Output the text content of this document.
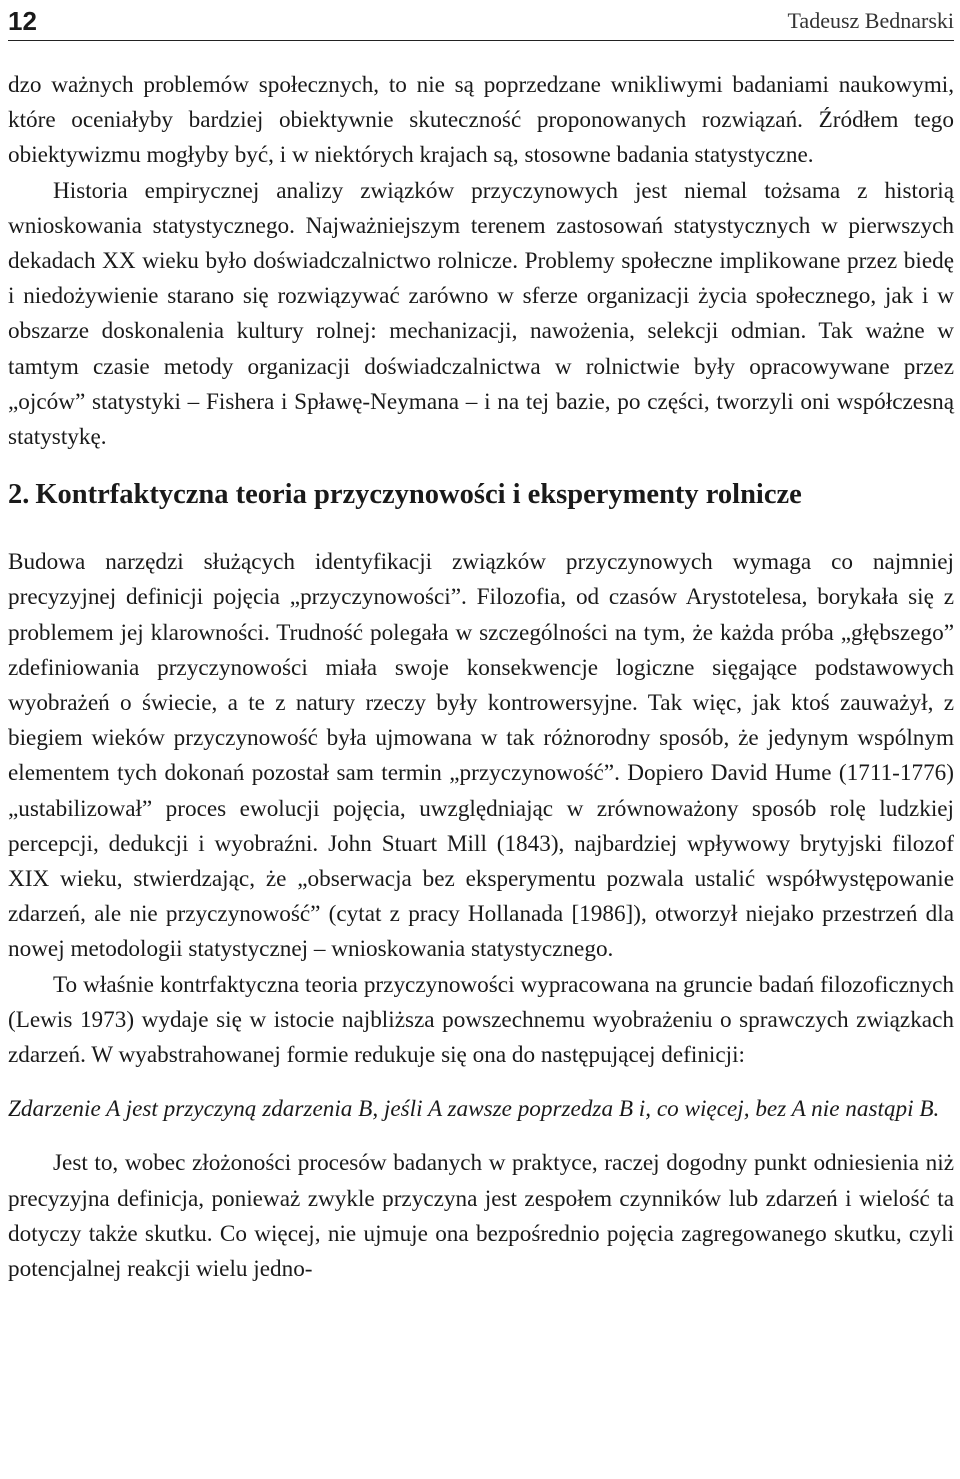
12	Tadeusz Bednarski

dzo ważnych problemów społecznych, to nie są poprzedzane wnikliwymi badaniami naukowymi, które oceniałyby bardziej obiektywnie skuteczność proponowanych rozwiązań. Źródłem tego obiektywizmu mogłyby być, i w niektórych krajach są, stosowne badania statystyczne.

Historia empirycznej analizy związków przyczynowych jest niemal tożsama z historią wnioskowania statystycznego. Najważniejszym terenem zastosowań statystycznych w pierwszych dekadach XX wieku było doświadczalnictwo rolnicze. Problemy społeczne implikowane przez biedę i niedożywienie starano się rozwiązywać zarówno w sferze organizacji życia społecznego, jak i w obszarze doskonalenia kultury rolnej: mechanizacji, nawożenia, selekcji odmian. Tak ważne w tamtym czasie metody organizacji doświadczalnictwa w rolnictwie były opracowywane przez „ojców” statystyki – Fishera i Spławę-Neymana – i na tej bazie, po części, tworzyli oni współczesną statystykę.

2. Kontrfaktyczna teoria przyczynowości i eksperymenty rolnicze

Budowa narzędzi służących identyfikacji związków przyczynowych wymaga co najmniej precyzyjnej definicji pojęcia „przyczynowości”. Filozofia, od czasów Arystotelesa, borykała się z problemem jej klarowności. Trudność polegała w szczególności na tym, że każda próba „głębszego” zdefiniowania przyczynowości miała swoje konsekwencje logiczne sięgające podstawowych wyobrażeń o świecie, a te z natury rzeczy były kontrowersyjne. Tak więc, jak ktoś zauważył, z biegiem wieków przyczynowość była ujmowana w tak różnorodny sposób, że jedynym wspólnym elementem tych dokonań pozostał sam termin „przyczynowość”. Dopiero David Hume (1711-1776) „ustabilizował” proces ewolucji pojęcia, uwzględniając w zrównoważony sposób rolę ludzkiej percepcji, dedukcji i wyobraźni. John Stuart Mill (1843), najbardziej wpływowy brytyjski filozof XIX wieku, stwierdzając, że „obserwacja bez eksperymentu pozwala ustalić współwystępowanie zdarzeń, ale nie przyczynowość” (cytat z pracy Hollanada [1986]), otworzył niejako przestrzeń dla nowej metodologii statystycznej – wnioskowania statystycznego.

To właśnie kontrfaktyczna teoria przyczynowości wypracowana na gruncie badań filozoficznych (Lewis 1973) wydaje się w istocie najbliższa powszechnemu wyobrażeniu o sprawczych związkach zdarzeń. W wyabstrahowanej formie redukuje się ona do następującej definicji:

Zdarzenie A jest przyczyną zdarzenia B, jeśli A zawsze poprzedza B i, co więcej, bez A nie nastąpi B.

Jest to, wobec złożoności procesów badanych w praktyce, raczej dogodny punkt odniesienia niż precyzyjna definicja, ponieważ zwykle przyczyna jest zespołem czynników lub zdarzeń i wielość ta dotyczy także skutku. Co więcej, nie ujmuje ona bezpośrednio pojęcia zagregowanego skutku, czyli potencjalnej reakcji wielu jedno-
